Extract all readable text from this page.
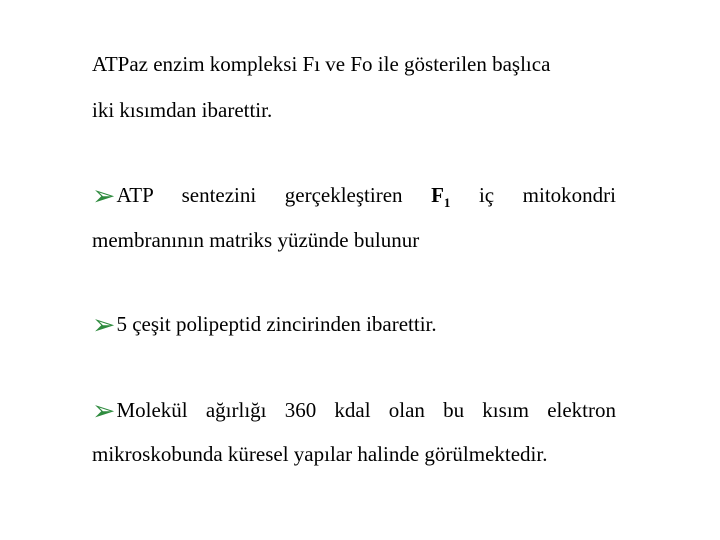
ATPaz enzim kompleksi Fı ve Fo ile gösterilen başlıca
iki kısımdan ibarettir.
➢ATP sentezini gerçekleştiren $F_1$ iç mitokondri
membranının matriks yüzünde bulunur
➢5 çeşit polipeptid zincirinden ibarettir.
➢Molekül ağırlığı 360 kdal olan bu kısım elektron
mikroskobunda küresel yapılar halinde görülmektedir.
